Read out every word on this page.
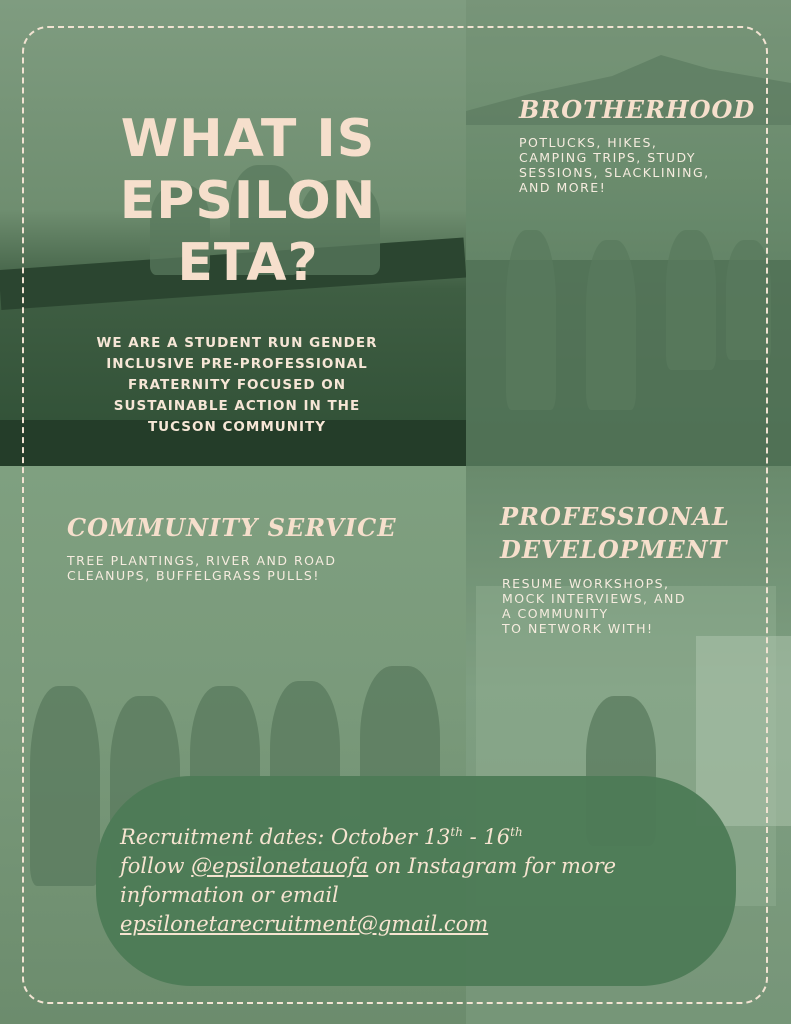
WHAT IS
EPSILON
ETA?
WE ARE A STUDENT RUN GENDER INCLUSIVE PRE-PROFESSIONAL FRATERNITY FOCUSED ON SUSTAINABLE ACTION IN THE TUCSON COMMUNITY
BROTHERHOOD
POTLUCKS, HIKES,
CAMPING TRIPS, STUDY
SESSIONS, SLACKLINING,
AND MORE!
COMMUNITY SERVICE
TREE PLANTINGS, RIVER AND ROAD
CLEANUPS, BUFFELGRASS PULLS!
PROFESSIONAL
DEVELOPMENT
RESUME WORKSHOPS,
MOCK INTERVIEWS, AND
A COMMUNITY
TO NETWORK WITH!
Recruitment dates: October 13th - 16th
follow @epsilonetauofa on Instagram for more
information or email
epsilonetarecruitment@gmail.com
